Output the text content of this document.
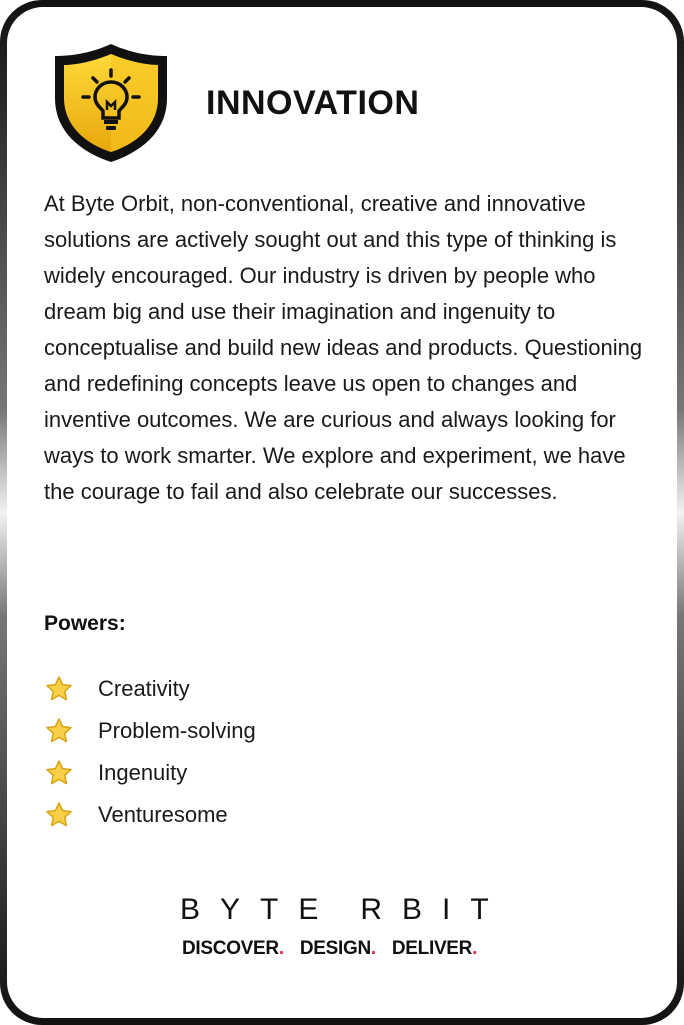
INNOVATION

At Byte Orbit, non-conventional, creative and innovative solutions are actively sought out and this type of thinking is widely encouraged. Our industry is driven by people who dream big and use their imagination and ingenuity to conceptualise and build new ideas and products. Questioning and redefining concepts leave us open to changes and inventive outcomes. We are curious and always looking for ways to work smarter. We explore and experiment, we have the courage to fail and also celebrate our successes.

Powers:
Creativity
Problem-solving
Ingenuity
Venturesome
BYTE RBIT
DISCOVER. DESIGN. DELIVER.
